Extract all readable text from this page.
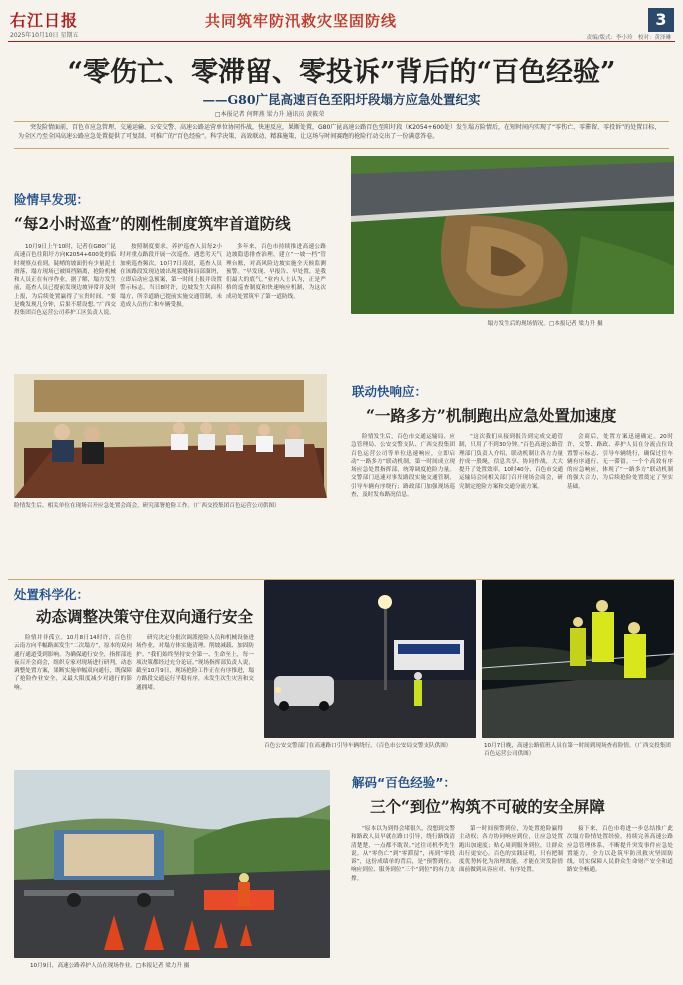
右江日报
2025年10月10日 星期五
共同筑牢防汛救灾坚固防线	3
责编/版式：李小玲　校对：黄泽琳
“零伤亡、零滞留、零投诉”背后的“百色经验”
——G80广昆高速百色至阳圩段塌方应急处置纪实
□本报记者 何辉燕 梁力升 通讯员 黄筱荣
突发险情面前，百色市应急管理、交通运输、公安交警、高速公路运营单位协同作战，快速反应，果断处置，G80广昆高速公路百色至阳圩段（K2054+600处）发生塌方险情后，在短时间内实现了“零伤亡、零滞留、零投诉”的处置目标，为全区乃至全国高速公路应急处置提供了可复制、可推广的“百色经验”。科学决策、高效联动、精准施策，让这场与时间赛跑的抢险行动交出了一份满意答卷。
险情早发现：
“每2小时巡查”的刚性制度筑牢首道防线
10月9日上午10时，记者在G80广昆高速百色往阳圩方向K2054+600处的临时观察点看到，陡峭的坡面仍有少量泥土滑落，塌方现场已被围挡隔离，抢险机械和人员正在有序作业。据了解，塌方发生前，巡查人员已提前发现边坡异常并及时上报，为后续处置赢得了宝贵时间。“要是晚发现几分钟，后果不堪设想。”广西交投集团百色运营公司养护工区负责人说。
按照制度要求，养护巡查人员每2小时对重点路段开展一次巡查，遇恶劣天气加密巡查频次。10月7日凌晨，巡查人员在该路段发现边坡出现裂缝和局部溜坍，立即启动应急预案，第一时间上报并设置警示标志。当日8时许，边坡发生大面积塌方，所幸道路已提前实施交通管制，未造成人员伤亡和车辆受损。
多年来，百色市持续推进高速公路边坡隐患排查治理，建立“一坡一档”管理台账，对高风险边坡实施全天候监测预警。“早发现、早报告、早处置，是我们最大的底气。”业内人士认为，正是严格的巡查制度和快速响应机制，为这次成功处置筑牢了第一道防线。
塌方发生后的现场情况。□本报记者 梁力升 摄
险情发生后，相关单位在现场召开应急处置会商会，研究部署抢险工作。（广西交投集团百色运营公司供图）
联动快响应：
“一路多方”机制跑出应急处置加速度
险情发生后，百色市交通运输局、应急管理局、公安交警支队、广西交投集团百色运营公司等单位迅速响应，立即启动“一路多方”联动机制，第一时间成立现场应急处置指挥部，统筹调度抢险力量。交警部门迅速对事发路段实施交通管制，引导车辆有序绕行；路政部门加强现场巡查，及时发布路况信息。
“这次我们从接到报告到完成交通管制，只用了不到30分钟。”百色高速公路管理部门负责人介绍，联动机制让各方力量拧成一股绳，信息共享、协同作战，大大提升了处置效率。10时40分，百色市交通运输局会同相关部门召开现场会商会，研究制定抢险方案和交通分流方案。
会商后，处置方案迅速确定。20时许，交警、路政、养护人员在分流点位设置警示标志、引导车辆绕行，确保过往车辆有序通行、无一滞留。一个个高效有序的应急响应，体现了“一路多方”联动机制的强大合力，为后续抢险处置奠定了坚实基础。
处置科学化：
动态调整决策守住双向通行安全
险情并非孤立。10月8日14时许，百色往云南方向半幅路面发生“二次塌方”，原本的双向通行通道受到影响。为确保通行安全，指挥部连夜召开会商会，组织专家对现场进行研判，动态调整处置方案，果断实施单幅双向通行，既保障了抢险作业安全，又最大限度减少对通行的影响。
研究决定分批次调派抢险人员和机械设备进场作业，对塌方体实施清理、削坡减载、加固防护。“我们始终坚持安全第一、生命至上，每一项决策都经过充分论证。”现场指挥部负责人说，截至10月9日，现场抢险工作正在有序推进，塌方路段交通运行平稳有序，未发生次生灾害和交通拥堵。
百色公安交警部门在高速路口引导车辆绕行。（百色市公安局交警支队供图）	10月7日晚，高速公路值班人员在第一时间到现场查看险情。（广西交投集团百色运营公司供图）
10月9日，高速公路养护人员在现场作业。□本报记者 梁力升 摄
解码“百色经验”：
三个“到位”构筑不可破的安全屏障
“原本以为到得会堵很久，没想到交警和路政人员早就在路口引导，绕行路线清清楚楚，一点都不耽误。”过往司机李先生说。从“零伤亡”到“零滞留”，再到“零投诉”，这份成绩单的背后，是“预警到位、响应到位、服务到位”三个“到位”的有力支撑。
第一时间预警到位，为处置抢险赢得主动权；各方协同响应到位，让应急处置跑出加速度；贴心周到服务到位，让群众出行更安心。百色的实践证明，只有把制度优势转化为治理效能，才能在突发险情面前做到从容应对、有序处置。
接下来，百色市将进一步总结推广此次塌方险情处置经验，持续完善高速公路应急管理体系，不断提升突发事件应急处置能力，全力以赴筑牢防汛救灾坚固防线，切实保障人民群众生命财产安全和道路安全畅通。
